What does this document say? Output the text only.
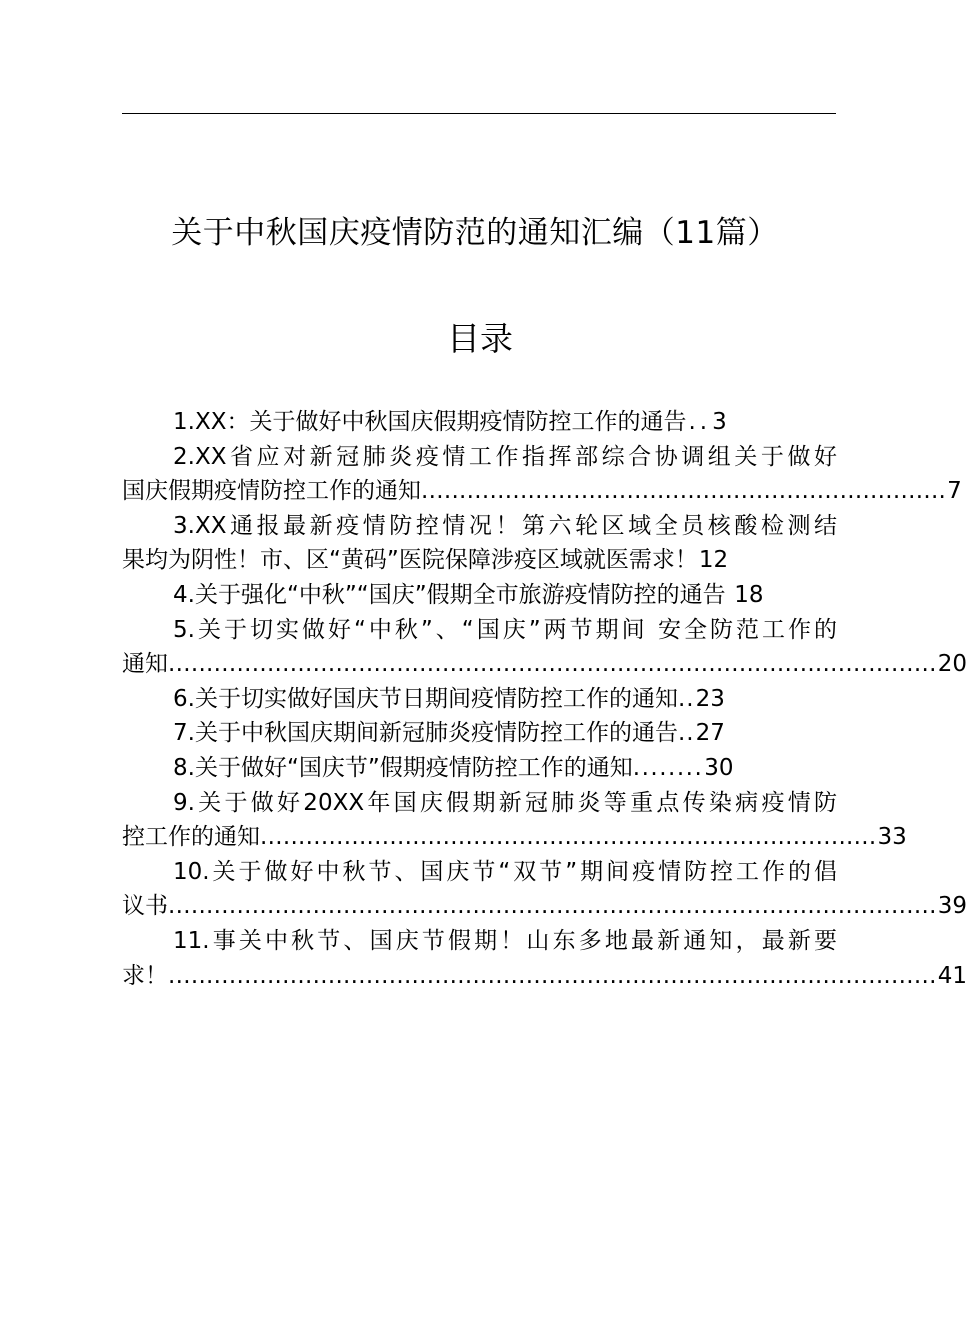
关于中秋国庆疫情防范的通知汇编（11篇）
目录
1.XX：关于做好中秋国庆假期疫情防控工作的通告 .. 3
2.XX省应对新冠肺炎疫情工作指挥部综合协调组关于做好
国庆假期疫情防控工作的通知 ..................................................................... 7
3.XX通报最新疫情防控情况！第六轮区域全员核酸检测结
果均为阴性！市、区“黄码”医院保障涉疫区域就医需求！ 12
4.关于强化“中秋”“国庆”假期全市旅游疫情防控的通告
18
5.关于切实做好“中秋”、“国庆”两节期间 安全防范工作的
通知 ..................................................................................................... 20
6.关于切实做好国庆节日期间疫情防控工作的通知 .. 23
7.关于中秋国庆期间新冠肺炎疫情防控工作的通告 .. 27
8.关于做好“国庆节”假期疫情防控工作的通知 ........ 30
9.关于做好20XX年国庆假期新冠肺炎等重点传染病疫情防
控工作的通知 ................................................................................. 33
10.关于做好中秋节、国庆节“双节”期间疫情防控工作的倡
议书 ..................................................................................................... 39
11.事关中秋节、国庆节假期！山东多地最新通知，最新要
求！ ..................................................................................................... 41
